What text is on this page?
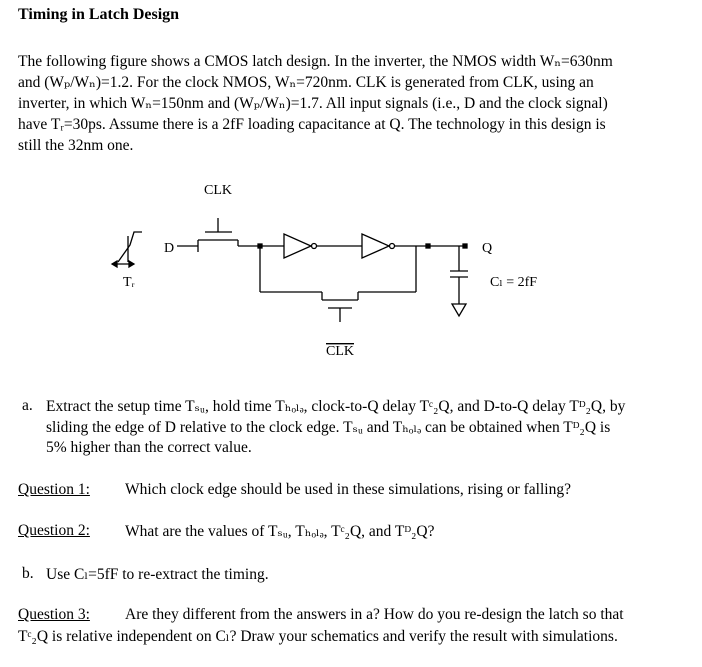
Timing in Latch Design
The following figure shows a CMOS latch design. In the inverter, the NMOS width Wₙ=630nm
and (Wₚ/Wₙ)=1.2. For the clock NMOS, Wₙ=720nm. CLK is generated from CLK, using an
inverter, in which Wₙ=150nm and (Wₚ/Wₙ)=1.7. All input signals (i.e., D and the clock signal)
have Tᵣ=30ps. Assume there is a 2fF loading capacitance at Q. The technology in this design is
still the 32nm one.
CLK
D	Q
Tᵣ	Cₗ = 2fF
CLK
a. Extract the setup time Tₛᵤ, hold time Tₕₒₗₔ, clock-to-Q delay Tᶜ₂Q, and D-to-Q delay Tᴰ₂Q, by
sliding the edge of D relative to the clock edge. Tₛᵤ and Tₕₒₗₔ can be obtained when Tᴰ₂Q is
5% higher than the correct value.
Question 1: Which clock edge should be used in these simulations, rising or falling?
Question 2: What are the values of Tₛᵤ, Tₕₒₗₔ, Tᶜ₂Q, and Tᴰ₂Q?
b. Use Cₗ=5fF to re-extract the timing.
Question 3: Are they different from the answers in a? How do you re-design the latch so that
Tᶜ₂Q is relative independent on Cₗ? Draw your schematics and verify the result with simulations.
